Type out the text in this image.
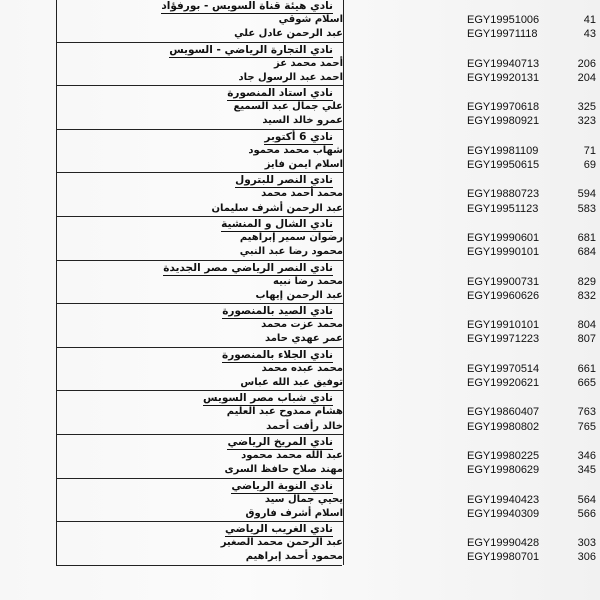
نادي هيئة قناة السويس - بورفؤاد
اسلام شوقي	EGY19951006	41
عبد الرحمن عادل علي	EGY19971118	43
نادي التجارة الرياضي - السويس
أحمد محمد عز	EGY19940713	206
احمد عبد الرسول جاد	EGY19920131	204
نادي استاد المنصورة
علي جمال عبد السميع	EGY19970618	325
عمرو خالد السيد	EGY19980921	323
نادي 6 أكتوبر
شهاب محمد محمود	EGY19981109	71
اسلام ايمن فايز	EGY19950615	69
نادي النصر للبترول
محمد أحمد محمد	EGY19880723	594
عبد الرحمن أشرف سليمان	EGY19951123	583
نادي الشال و المنشية
رضوان سمير إبراهيم	EGY19990601	681
محمود رضا عبد النبي	EGY19990101	684
نادي النصر الرياضي مصر الجديدة
محمد رضا نبيه	EGY19900731	829
عبد الرحمن إيهاب	EGY19960626	832
نادي الصيد بالمنصورة
محمد عزت محمد	EGY19910101	804
عمر عهدي حامد	EGY19971223	807
نادي الجلاء بالمنصورة
محمد عبده محمد	EGY19970514	661
توفيق عبد الله عباس	EGY19920621	665
نادي شباب مصر السويس
هشام ممدوح عبد العليم	EGY19860407	763
خالد رأفت أحمد	EGY19980802	765
نادي المريخ الرياضي
عبد الله محمد محمود	EGY19980225	346
مهند صلاح حافظ السرى	EGY19980629	345
نادي النوبة الرياضي
يحيي جمال سيد	EGY19940423	564
اسلام أشرف فاروق	EGY19940309	566
نادي الغريب الرياضي
عبد الرحمن محمد الصغير	EGY19990428	303
محمود أحمد إبراهيم	EGY19980701	306
